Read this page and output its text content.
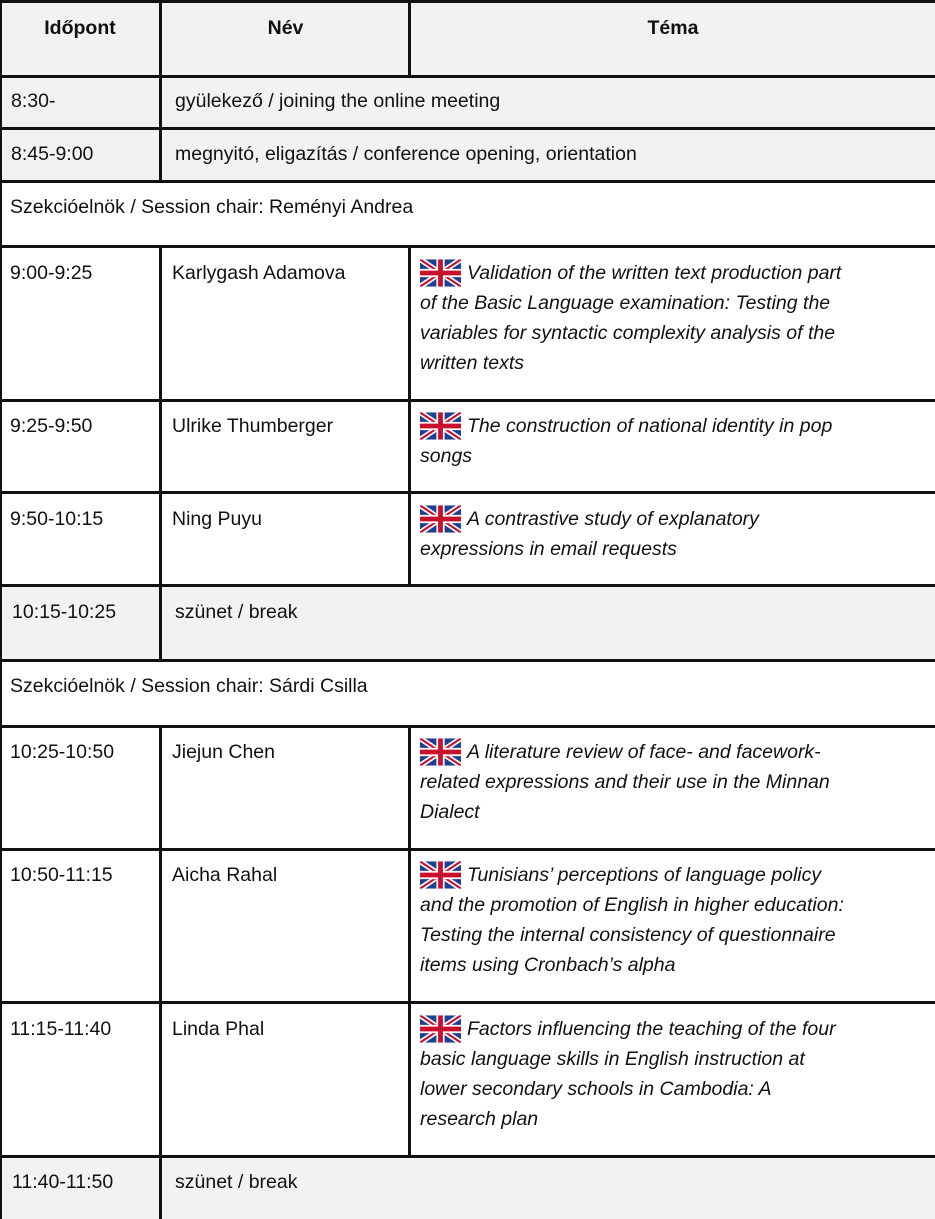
Időpont	Név	Téma
8:30-	gyülekező / joining the online meeting
8:45-9:00	megnyitó, eligazítás / conference opening, orientation
Szekcióelnök / Session chair: Reményi Andrea
9:00-9:25	Karlygash Adamova	Validation of the written text production part
of the Basic Language examination: Testing the
variables for syntactic complexity analysis of the
written texts
9:25-9:50	Ulrike Thumberger	The construction of national identity in pop
songs
9:50-10:15	Ning Puyu	A contrastive study of explanatory
expressions in email requests
10:15-10:25	szünet / break
Szekcióelnök / Session chair: Sárdi Csilla
10:25-10:50	Jiejun Chen	A literature review of face- and facework-
related expressions and their use in the Minnan
Dialect
10:50-11:15	Aicha Rahal	Tunisians’ perceptions of language policy
and the promotion of English in higher education:
Testing the internal consistency of questionnaire
items using Cronbach’s alpha
11:15-11:40	Linda Phal	Factors influencing the teaching of the four
basic language skills in English instruction at
lower secondary schools in Cambodia: A
research plan
11:40-11:50	szünet / break
